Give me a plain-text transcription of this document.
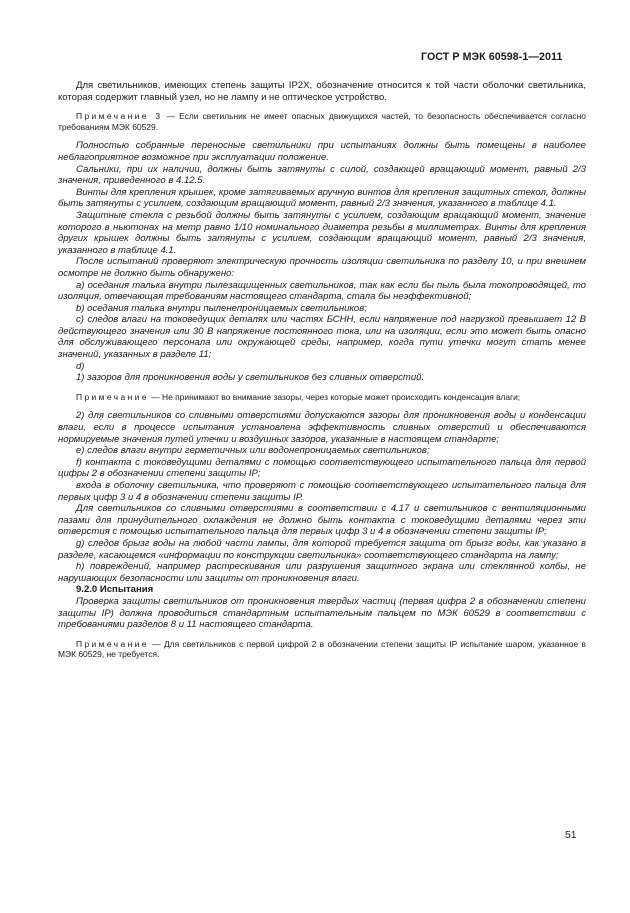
ГОСТ Р МЭК 60598-1—2011

Для светильников, имеющих степень защиты IP2X, обозначение относится к той части оболочки светильника, которая содержит главный узел, но не лампу и не оптическое устройство.

Примечание 3 — Если светильник не имеет опасных движущихся частей, то безопасность обеспечивается согласно требованиям МЭК 60529.

Полностью собранные переносные светильники при испытаниях должны быть помещены в наиболее неблагоприятное возможное при эксплуатации положение.

Сальники, при их наличии, должны быть затянуты с силой, создающей вращающий момент, равный 2/3 значения, приведенного в 4.12.5.

Винты для крепления крышек, кроме затягиваемых вручную винтов для крепления защитных стекол, должны быть затянуты с усилием, создающим вращающий момент, равный 2/3 значения, указанного в таблице 4.1.

Защитные стекла с резьбой должны быть затянуты с усилием, создающим вращающий момент, значение которого в ньютонах на метр равно 1/10 номинального диаметра резьбы в миллиметрах. Винты для крепления других крышек должны быть затянуты с усилием, создающим вращающий момент, равный 2/3 значения, указанного в таблице 4.1.

После испытаний проверяют электрическую прочность изоляции светильника по разделу 10, и при внешнем осмотре не должно быть обнаружено:

a) оседания талька внутри пылезащищенных светильников, так как если бы пыль была токопроводящей, то изоляция, отвечающая требованиям настоящего стандарта, стала бы неэффективной;

b) оседания талька внутри пыленепроницаемых светильников;

c) следов влаги на токоведущих деталях или частях БСНН, если напряжение под нагрузкой превышает 12 В действующего значения или 30 В напряжение постоянного тока, или на изоляции, если это может быть опасно для обслуживающего персонала или окружающей среды, например, когда пути утечки могут стать менее значений, указанных в разделе 11;

d)

1) зазоров для проникновения воды у светильников без сливных отверстий.

Примечание — Не принимают во внимание зазоры, через которые может происходить конденсация влаги;

2) для светильников со сливными отверстиями допускаются зазоры для проникновения воды и конденсации влаги, если в процессе испытания установлена эффективность сливных отверстий и обеспечиваются нормируемые значения путей утечки и воздушных зазоров, указанные в настоящем стандарте;

e) следов влаги внутри герметичных или водонепроницаемых светильников;

f) контакта с токоведущими деталями с помощью соответствующего испытательного пальца для первой цифры 2 в обозначении степени защиты IP;

входа в оболочку светильника, что проверяют с помощью соответствующего испытательного пальца для первых цифр 3 и 4 в обозначении степени защиты IP.

Для светильников со сливными отверстиями в соответствии с 4.17 и светильников с вентиляционными пазами для принудительного охлаждения не должно быть контакта с токоведущими деталями через эти отверстия с помощью испытательного пальца для первых цифр 3 и 4 в обозначении степени защиты IP;

g) следов брызг воды на любой части лампы, для которой требуется защита от брызг воды, как указано в разделе, касающемся «информации по конструкции светильника» соответствующего стандарта на лампу;

h) повреждений, например растрескивания или разрушения защитного экрана или стеклянной колбы, не нарушающих безопасности или защиты от проникновения влаги.

9.2.0 Испытания

Проверка защиты светильников от проникновения твердых частиц (первая цифра 2 в обозначении степени защиты IP) должна проводиться стандартным испытательным пальцем по МЭК 60529 в соответствии с требованиями разделов 8 и 11 настоящего стандарта.

Примечание — Для светильников с первой цифрой 2 в обозначении степени защиты IP испытание шаром, указанное в МЭК 60529, не требуется.

51
